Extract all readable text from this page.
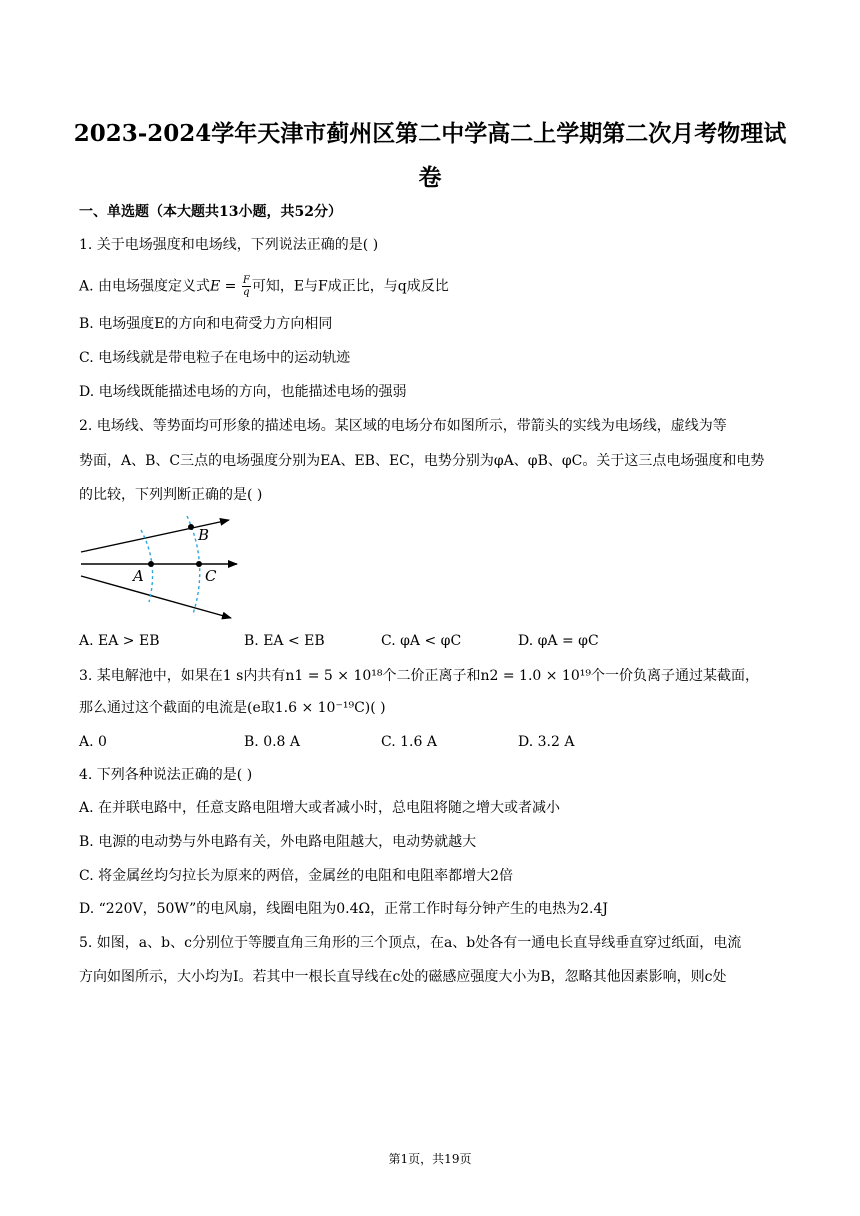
2023-2024学年天津市蓟州区第二中学高二上学期第二次月考物理试
卷
一、单选题（本大题共13小题，共52分）
1. 关于电场强度和电场线，下列说法正确的是( )
A. 由电场强度定义式$E = \frac{F}{q}$ 可知，E与F成正比，与q成反比
B. 电场强度E的方向和电荷受力方向相同
C. 电场线就是带电粒子在电场中的运动轨迹
D. 电场线既能描述电场的方向，也能描述电场的强弱
2. 电场线、等势面均可形象的描述电场。某区域的电场分布如图所示，带箭头的实线为电场线，虚线为等
势面，A、B、C三点的电场强度分别为EA、EB、EC，电势分别为φA、φB、φC。关于这三点电场强度和电势
的比较，下列判断正确的是( )
A
B
C
A. EA > EB	B. EA < EB	C. φA < φC	D. φA = φC
3. 某电解池中，如果在1 s内共有n1 = 5 × 10¹⁸个二价正离子和n2 = 1.0 × 10¹⁹个一价负离子通过某截面，
那么通过这个截面的电流是(e取1.6 × 10⁻¹⁹C)( )
A. 0	B. 0.8 A	C. 1.6 A	D. 3.2 A
4. 下列各种说法正确的是( )
A. 在并联电路中，任意支路电阻增大或者减小时，总电阻将随之增大或者减小
B. 电源的电动势与外电路有关，外电路电阻越大，电动势就越大
C. 将金属丝均匀拉长为原来的两倍，金属丝的电阻和电阻率都增大2倍
D. “220V，50W”的电风扇，线圈电阻为0.4Ω，正常工作时每分钟产生的电热为2.4J
5. 如图，a、b、c分别位于等腰直角三角形的三个顶点，在a、b处各有一通电长直导线垂直穿过纸面，电流
方向如图所示，大小均为I。若其中一根长直导线在c处的磁感应强度大小为B，忽略其他因素影响，则c处
第1页，共19页
